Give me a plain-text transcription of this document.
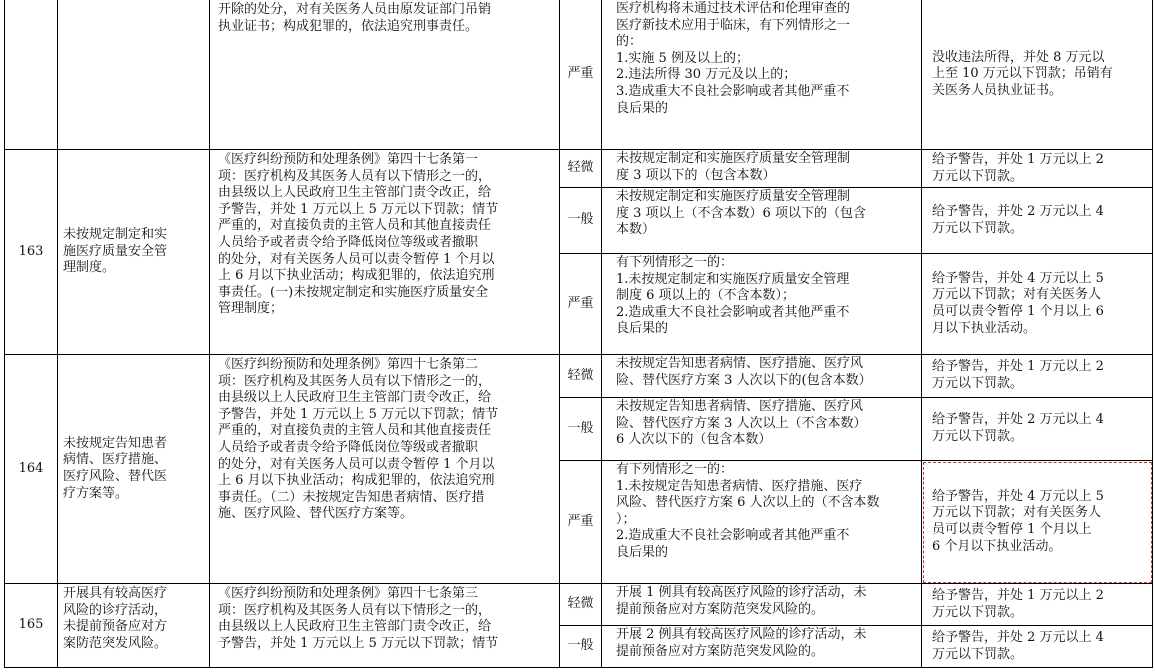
开除的处分，对有关医务人员由原发证部门吊销
执业证书；构成犯罪的，依法追究刑事责任。
严重
医疗机构将未通过技术评估和伦理审查的
医疗新技术应用于临床，有下列情形之一
的：
1.实施 5 例及以上的；
2.违法所得 30 万元及以上的；
3.造成重大不良社会影响或者其他严重不
良后果的
没收违法所得，并处 8 万元以
上至 10 万元以下罚款；吊销有
关医务人员执业证书。
163
未按规定制定和实
施医疗质量安全管
理制度。
《医疗纠纷预防和处理条例》第四十七条第一
项：医疗机构及其医务人员有以下情形之一的，
由县级以上人民政府卫生主管部门责令改正，给
予警告，并处 1 万元以上 5 万元以下罚款；情节
严重的，对直接负责的主管人员和其他直接责任
人员给予或者责令给予降低岗位等级或者撤职
的处分，对有关医务人员可以责令暂停 1 个月以
上 6 月以下执业活动；构成犯罪的，依法追究刑
事责任。(一)未按规定制定和实施医疗质量安全
管理制度；
轻微
未按规定制定和实施医疗质量安全管理制
度 3 项以下的（包含本数）
给予警告，并处 1 万元以上 2
万元以下罚款。
一般
未按规定制定和实施医疗质量安全管理制
度 3 项以上（不含本数）6 项以下的（包含
本数）
给予警告，并处 2 万元以上 4
万元以下罚款。
严重
有下列情形之一的：
1.未按规定制定和实施医疗质量安全管理
制度 6 项以上的（不含本数）；
2.造成重大不良社会影响或者其他严重不
良后果的
给予警告，并处 4 万元以上 5
万元以下罚款；对有关医务人
员可以责令暂停 1 个月以上 6
月以下执业活动。
164
未按规定告知患者
病情、医疗措施、
医疗风险、替代医
疗方案等。
《医疗纠纷预防和处理条例》第四十七条第二
项：医疗机构及其医务人员有以下情形之一的，
由县级以上人民政府卫生主管部门责令改正，给
予警告，并处 1 万元以上 5 万元以下罚款；情节
严重的，对直接负责的主管人员和其他直接责任
人员给予或者责令给予降低岗位等级或者撤职
的处分，对有关医务人员可以责令暂停 1 个月以
上 6 月以下执业活动；构成犯罪的，依法追究刑
事责任。（二）未按规定告知患者病情、医疗措
施、医疗风险、替代医疗方案等。
轻微
未按规定告知患者病情、医疗措施、医疗风
险、替代医疗方案 3 人次以下的(包含本数）
给予警告，并处 1 万元以上 2
万元以下罚款。
一般
未按规定告知患者病情、医疗措施、医疗风
险、替代医疗方案 3 人次以上（不含本数）
6 人次以下的（包含本数）
给予警告，并处 2 万元以上 4
万元以下罚款。
严重
有下列情形之一的：
1.未按规定告知患者病情、医疗措施、医疗
风险、替代医疗方案 6 人次以上的（不含本数
）；
2.造成重大不良社会影响或者其他严重不
良后果的
给予警告，并处 4 万元以上 5
万元以下罚款；对有关医务人
员可以责令暂停 1 个月以上
6 个月以下执业活动。
165
开展具有较高医疗
风险的诊疗活动，
未提前预备应对方
案防范突发风险。
《医疗纠纷预防和处理条例》第四十七条第三
项：医疗机构及其医务人员有以下情形之一的，
由县级以上人民政府卫生主管部门责令改正，给
予警告，并处 1 万元以上 5 万元以下罚款；情节
轻微
开展 1 例具有较高医疗风险的诊疗活动，未
提前预备应对方案防范突发风险的。
给予警告，并处 1 万元以上 2
万元以下罚款。
一般
开展 2 例具有较高医疗风险的诊疗活动，未
提前预备应对方案防范突发风险的。
给予警告，并处 2 万元以上 4
万元以下罚款。
